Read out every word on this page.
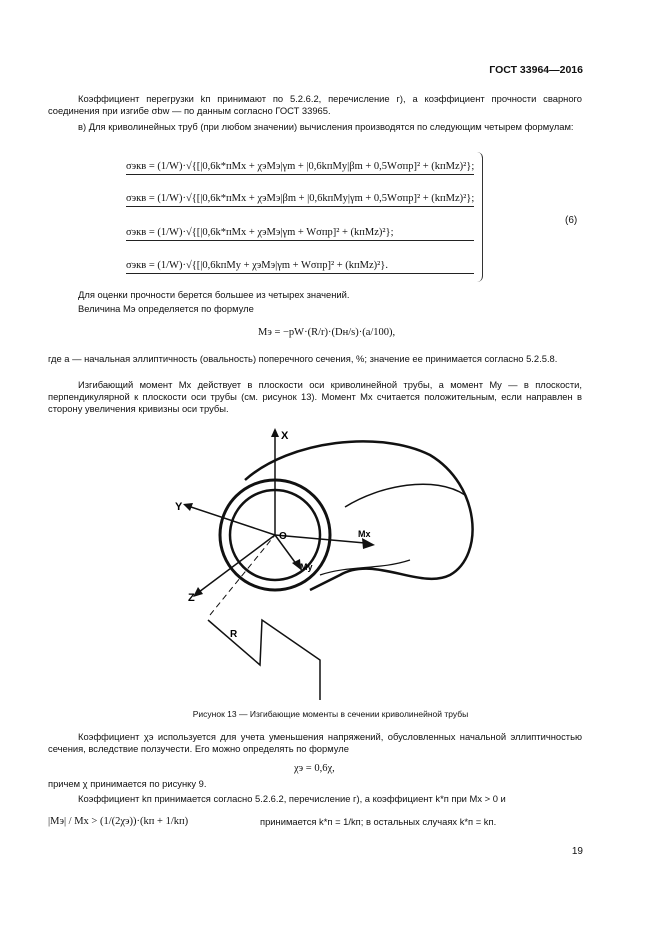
ГОСТ 33964—2016
Коэффициент перегрузки kп принимают по 5.2.6.2, перечисление г), а коэффициент прочности сварного соединения при изгибе σbw — по данным согласно ГОСТ 33965.
в) Для криволинейных труб (при любом значении) вычисления производятся по следующим четырем формулам:
σэкв = (1/W)·√{[|0,6k*пMx + χэMэ|γm + |0,6kпMy|βm + 0,5Wσпр]² + (kпMz)²};
σэкв = (1/W)·√{[|0,6k*пMx + χэMэ|βm + |0,6kпMy|γm + 0,5Wσпр]² + (kпMz)²};
σэкв = (1/W)·√{[|0,6k*пMx + χэMэ|γm + Wσпр]² + (kпMz)²};
σэкв = (1/W)·√{[|0,6kпMy + χэMэ|γm + Wσпр]² + (kпMz)²}.
(6)
Для оценки прочности берется большее из четырех значений.
Величина Mэ определяется по формуле
Mэ = −pW·(R/r)·(Dн/s)·(a/100),
где a — начальная эллиптичность (овальность) поперечного сечения, %; значение ее принимается согласно 5.2.5.8.
Изгибающий момент Mx действует в плоскости оси криволинейной трубы, а момент My — в плоскости, перпендикулярной к плоскости оси трубы (см. рисунок 13). Момент Mx считается положительным, если направлен в сторону увеличения кривизны оси трубы.
X
Y
Z
O	Mx
My
R
Рисунок 13 — Изгибающие моменты в сечении криволинейной трубы
Коэффициент χэ используется для учета уменьшения напряжений, обусловленных начальной эллиптичностью сечения, вследствие ползучести. Его можно определять по формуле
χэ = 0,6χ,
причем χ принимается по рисунку 9.
Коэффициент kп принимается согласно 5.2.6.2, перечисление г), а коэффициент k*п при Mx > 0 и
|Mэ| / Mx > (1/(2χэ))·(kп + 1/kп)	принимается k*п = 1/kп; в остальных случаях k*п = kп.
19
